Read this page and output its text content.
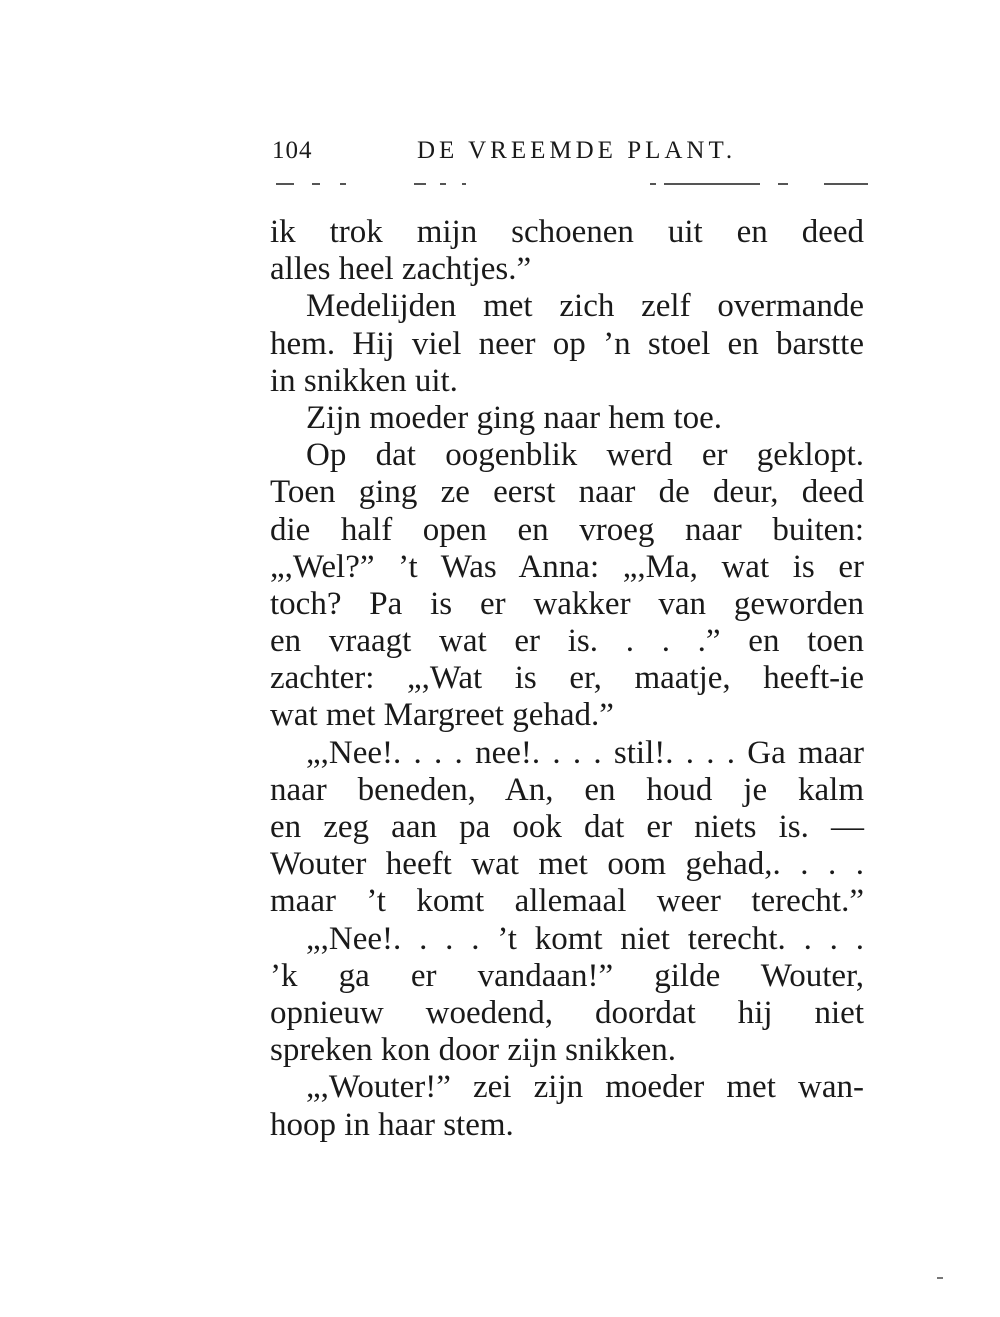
104	DE VREEMDE PLANT.
ik trok mijn schoenen uit en deed
alles heel zachtjes.”
Medelijden met zich zelf overmande
hem. Hij viel neer op ’n stoel en barstte
in snikken uit.
Zijn moeder ging naar hem toe.
Op dat oogenblik werd er geklopt.
Toen ging ze eerst naar de deur, deed
die half open en vroeg naar buiten:
„,Wel?” ’t Was Anna: „,Ma, wat is er
toch? Pa is er wakker van geworden
en vraagt wat er is. . . .” en toen
zachter: „,Wat is er, maatje, heeft-ie
wat met Margreet gehad.”
„,Nee!. . . . nee!. . . . stil!. . . . Ga maar
naar beneden, An, en houd je kalm
en zeg aan pa ook dat er niets is. —
Wouter heeft wat met oom gehad,. . . .
maar ’t komt allemaal weer terecht.”
„,Nee!. . . . ’t komt niet terecht. . . .
’k ga er vandaan!” gilde Wouter,
opnieuw woedend, doordat hij niet
spreken kon door zijn snikken.
„,Wouter!” zei zijn moeder met wan-
hoop in haar stem.
